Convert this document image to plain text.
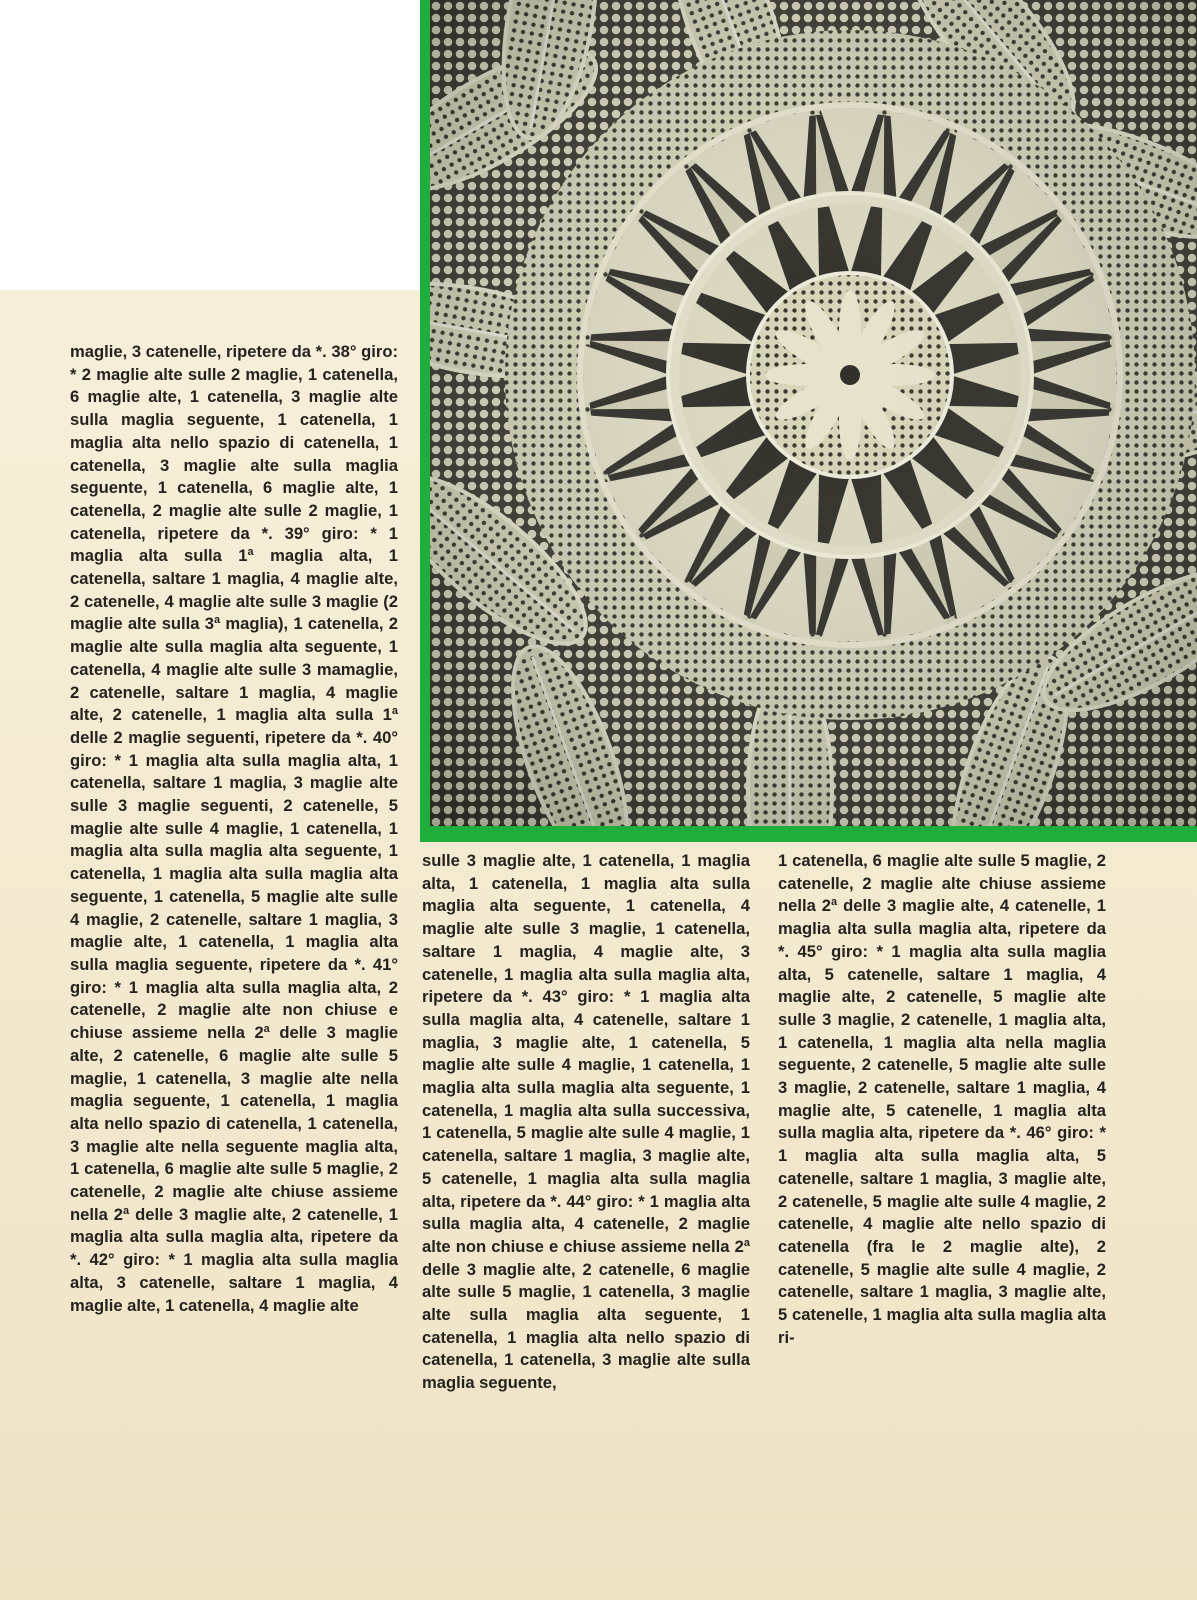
maglie, 3 catenelle, ripetere da *. 38° giro: * 2 maglie alte sulle 2 maglie, 1 catenella, 6 maglie alte, 1 catenella, 3 maglie alte sulla maglia seguente, 1 catenella, 1 maglia alta nello spazio di catenella, 1 catenella, 3 maglie alte sulla maglia seguente, 1 catenella, 6 maglie alte, 1 catenella, 2 maglie alte sulle 2 maglie, 1 catenella, ripetere da *. 39° giro: * 1 maglia alta sulla 1ª maglia alta, 1 catenella, saltare 1 maglia, 4 maglie alte, 2 catenelle, 4 maglie alte sulle 3 maglie (2 maglie alte sulla 3ª maglia), 1 catenella, 2 maglie alte sulla maglia alta seguente, 1 catenella, 4 maglie alte sulle 3 mamaglie, 2 catenelle, saltare 1 maglia, 4 maglie alte, 2 catenelle, 1 maglia alta sulla 1ª delle 2 maglie seguenti, ripetere da *. 40° giro: * 1 maglia alta sulla maglia alta, 1 catenella, saltare 1 maglia, 3 maglie alte sulle 3 maglie seguenti, 2 catenelle, 5 maglie alte sulle 4 maglie, 1 catenella, 1 maglia alta sulla maglia alta seguente, 1 catenella, 1 maglia alta sulla maglia alta seguente, 1 catenella, 5 maglie alte sulle 4 maglie, 2 catenelle, saltare 1 maglia, 3 maglie alte, 1 catenella, 1 maglia alta sulla maglia seguente, ripetere da *. 41° giro: * 1 maglia alta sulla maglia alta, 2 catenelle, 2 maglie alte non chiuse e chiuse assieme nella 2ª delle 3 maglie alte, 2 catenelle, 6 maglie alte sulle 5 maglie, 1 catenella, 3 maglie alte nella maglia seguente, 1 catenella, 1 maglia alta nello spazio di catenella, 1 catenella, 3 maglie alte nella seguente maglia alta, 1 catenella, 6 maglie alte sulle 5 maglie, 2 catenelle, 2 maglie alte chiuse assieme nella 2ª delle 3 maglie alte, 2 catenelle, 1 maglia alta sulla maglia alta, ripetere da *. 42° giro: * 1 maglia alta sulla maglia alta, 3 catenelle, saltare 1 maglia, 4 maglie alte, 1 catenella, 4 maglie alte
sulle 3 maglie alte, 1 catenella, 1 maglia alta, 1 catenella, 1 maglia alta sulla maglia alta seguente, 1 catenella, 4 maglie alte sulle 3 maglie, 1 catenella, saltare 1 maglia, 4 maglie alte, 3 catenelle, 1 maglia alta sulla maglia alta, ripetere da *. 43° giro: * 1 maglia alta sulla maglia alta, 4 catenelle, saltare 1 maglia, 3 maglie alte, 1 catenella, 5 maglie alte sulle 4 maglie, 1 catenella, 1 maglia alta sulla maglia alta seguente, 1 catenella, 1 maglia alta sulla successiva, 1 catenella, 5 maglie alte sulle 4 maglie, 1 catenella, saltare 1 maglia, 3 maglie alte, 5 catenelle, 1 maglia alta sulla maglia alta, ripetere da *. 44° giro: * 1 maglia alta sulla maglia alta, 4 catenelle, 2 maglie alte non chiuse e chiuse assieme nella 2ª delle 3 maglie alte, 2 catenelle, 6 maglie alte sulle 5 maglie, 1 catenella, 3 maglie alte sulla maglia alta seguente, 1 catenella, 1 maglia alta nello spazio di catenella, 1 catenella, 3 maglie alte sulla maglia seguente,
1 catenella, 6 maglie alte sulle 5 maglie, 2 catenelle, 2 maglie alte chiuse assieme nella 2ª delle 3 maglie alte, 4 catenelle, 1 maglia alta sulla maglia alta, ripetere da *. 45° giro: * 1 maglia alta sulla maglia alta, 5 catenelle, saltare 1 maglia, 4 maglie alte, 2 catenelle, 5 maglie alte sulle 3 maglie, 2 catenelle, 1 maglia alta, 1 catenella, 1 maglia alta nella maglia seguente, 2 catenelle, 5 maglie alte sulle 3 maglie, 2 catenelle, saltare 1 maglia, 4 maglie alte, 5 catenelle, 1 maglia alta sulla maglia alta, ripetere da *. 46° giro: * 1 maglia alta sulla maglia alta, 5 catenelle, saltare 1 maglia, 3 maglie alte, 2 catenelle, 5 maglie alte sulle 4 maglie, 2 catenelle, 4 maglie alte nello spazio di catenella (fra le 2 maglie alte), 2 catenelle, 5 maglie alte sulle 4 maglie, 2 catenelle, saltare 1 maglia, 3 maglie alte, 5 catenelle, 1 maglia alta sulla maglia alta ri-
